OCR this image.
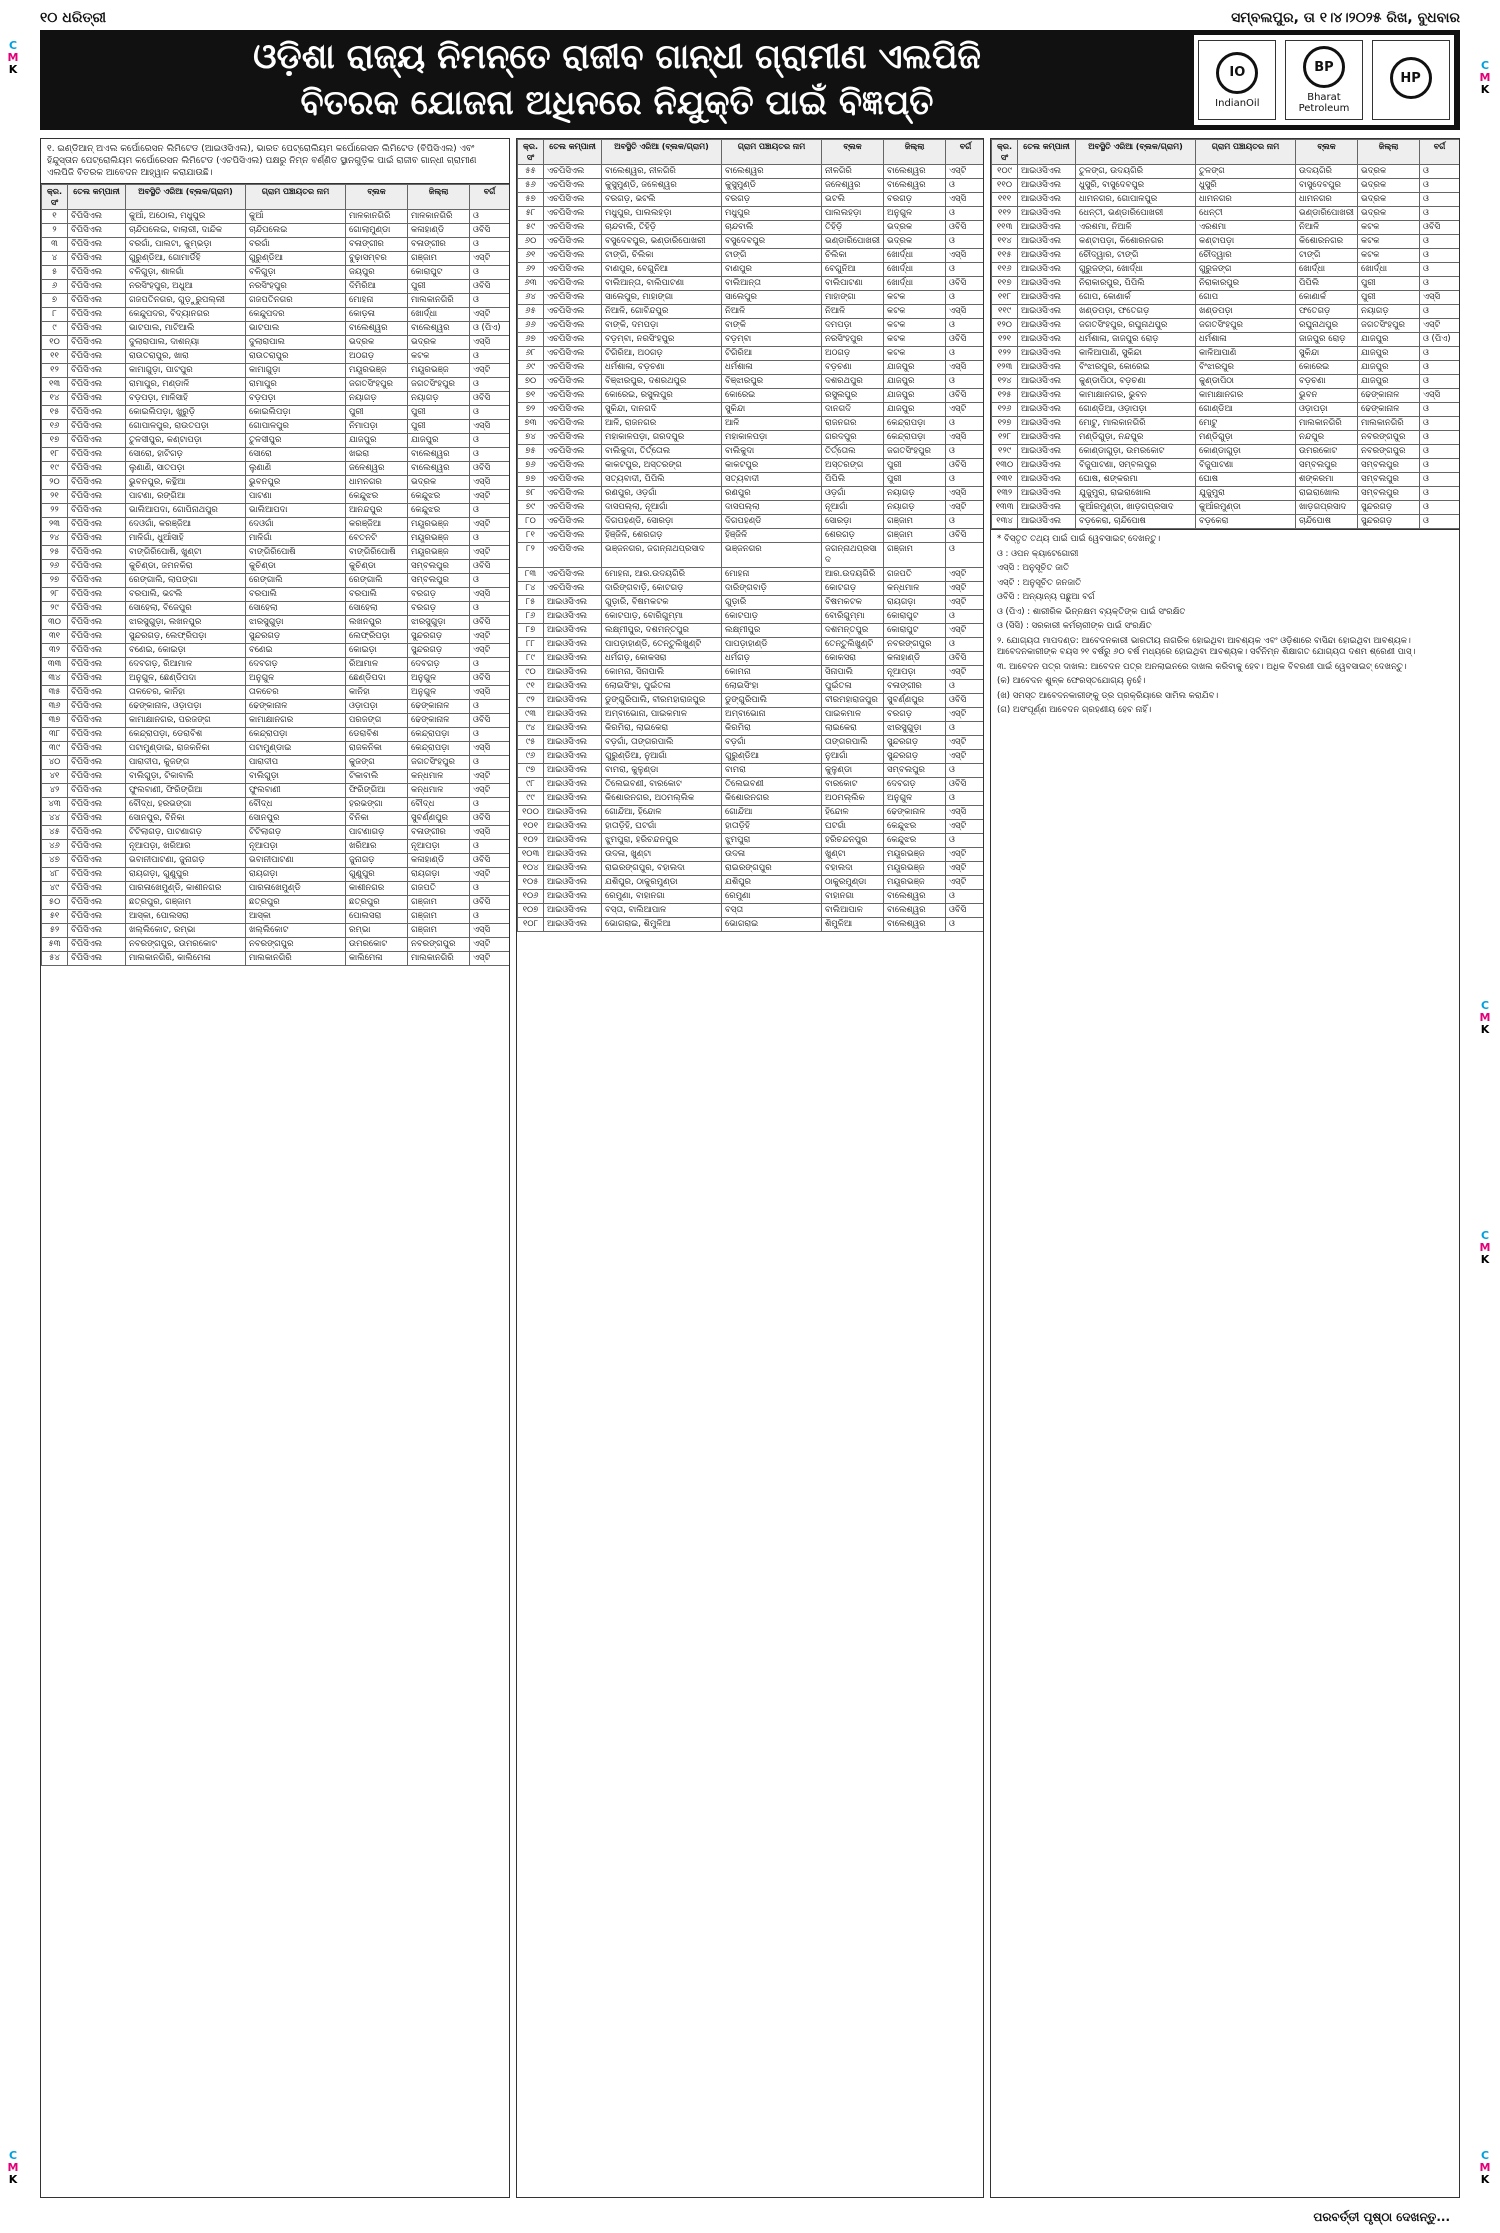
୧୦ ଧରିତ୍ରୀ	ସମ୍ବଲପୁର, ତା ୧।୪।୨୦୨୫ ରିଖ, ବୁଧବାର
ଓଡ଼ିଶା ରାଜ୍ୟ ନିମନ୍ତେ ରାଜୀବ ଗାନ୍ଧୀ ଗ୍ରାମୀଣ ଏଲପିଜି
ବିତରକ ଯୋଜନା ଅଧିନରେ ନିଯୁକ୍ତି ପାଇଁ ବିଜ୍ଞପ୍ତି
IO
IndianOil
BP
Bharat Petroleum
HP
C
M
K	C
M
K
C
M
K
C
M
K
C
M
K
C
M
K
୧. ଇଣ୍ଡିଆନ୍ ଅଏଲ କର୍ପୋରେସନ ଲିମିଟେଡ (ଆଇଓସିଏଲ), ଭାରତ ପେଟ୍ରୋଲିୟମ କର୍ପୋରେସନ ଲିମିଟେଡ (ବିପିସିଏଲ) ଏବଂ ହିନ୍ଦୁସ୍ତାନ ପେଟ୍ରୋଲିୟମ କର୍ପୋରେସନ ଲିମିଟେଡ (ଏଚପିସିଏଲ) ପକ୍ଷରୁ ନିମ୍ନ ବର୍ଣ୍ଣିତ ସ୍ଥାନଗୁଡ଼ିକ ପାଇଁ ରାଜୀବ ଗାନ୍ଧୀ ଗ୍ରାମୀଣ ଏଲପିଜି ବିତରକ ଆବେଦନ ଆହ୍ୱାନ କରାଯାଉଛି।
କ୍ର.ସଂ	ତେଲ କମ୍ପାନୀ	ଅବସ୍ଥିତି ଏରିଆ (ବ୍ଲକ/ଗ୍ରାମ)	ଗ୍ରାମ ପଞ୍ଚାୟତର ନାମ	ବ୍ଲକ	ଜିଲ୍ଲା	ବର୍ଗ
୧	ବିପିସିଏଲ	କୁଆଁ, ଅଠୋଲ, ମଧୁପୁର	କୁଆଁ	ମାଳକାନଗିରି	ମାଳକାନଗିରି	ଓ
୨	ବିପିସିଏଲ	ଚାନ୍ଦିପଲେଇ, ବାଲାରୀ, ଦାନ୍ଦିକ	ଚାନ୍ଦିପଲେଇ	ଗୋଲାମୁଣ୍ଡା	କଳାହାଣ୍ଡି	ଓବିସି
୩	ବିପିସିଏଲ	ବରଗାଁ, ପାଲଟା, କୁମ୍ଭଡ଼ା	ବରଗାଁ	ବଳାଙ୍ଗୀର	ବଳାଙ୍ଗୀର	ଓ
୪	ବିପିସିଏଲ	ଗୁରୁଣ୍ଡିଆ, ଗୋମାର୍ଡିହି	ଗୁରୁଣ୍ଡିଆ	ବୁଢ଼ାସମ୍ବର	ଗଞ୍ଜାମ	ଏସ୍‌ଟି
୫	ବିପିସିଏଲ	ବଳିଗୁଡ଼ା, ଶାଳଗାଁ	ବଳିଗୁଡ଼ା	ଜୟପୁର	କୋରାପୁଟ	ଓ
୬	ବିପିସିଏଲ	ନରସିଂହପୁର, ଅଧୁଆ	ନରସିଂହପୁର	ଦିମିରିଆ	ପୁରୀ	ଓବିସି
୭	ବିପିସିଏଲ	ଗଜପତିନଗର, ଗୁଡ଼ୁରୁପଲ୍ଲୀ	ଗଜପତିନଗର	ମୋହନା	ମାଲକାନଗିରି	ଓ
୮	ବିପିସିଏଲ	କେନ୍ଦୁପଦର, ବିଦ୍ୟାନଗର	କେନ୍ଦୁପଦର	କୋଡ଼ଳା	ଖୋର୍ଦ୍ଧା	ଏସ୍‌ଟି
୯	ବିପିସିଏଲ	ଭାଟପାଲ, ମାଟିଆଲି	ଭାଟପାଲ	ବାଲେଶ୍ୱର	ବାଲେଶ୍ୱର	ଓ (ପିଏ)
୧୦	ବିପିସିଏଲ	ଦୁଲାରାପାଲ, ଦାଶନ୍ୟା	ଦୁଲାରାପାଲ	ଭଦ୍ରକ	ଭଦ୍ରକ	ଏସ୍‌ସି
୧୧	ବିପିସିଏଲ	ରାଉତରାପୁର, ଖାରା	ରାଉତରାପୁର	ଅଠଗଡ଼	କଟକ	ଓ
୧୨	ବିପିସିଏଲ	କାମାଗୁଡ଼ା, ପାଟପୁର	କାମାଗୁଡ଼ା	ମୟୂରଭଞ୍ଜ	ମୟୂରଭଞ୍ଜ	ଏସ୍‌ଟି
୧୩	ବିପିସିଏଲ	ରାମାପୁର, ମଣ୍ଡାଳି	ରାମାପୁର	ଜଗତସିଂହପୁର	ଜଗତସିଂହପୁର	ଓ
୧୪	ବିପିସିଏଲ	ବଡ଼ପଡ଼ା, ମାଳିସାହି	ବଡ଼ପଡ଼ା	ନୟାଗଡ଼	ନୟାଗଡ଼	ଓବିସି
୧୫	ବିପିସିଏଲ	କୋଇଲିପଡ଼ା, ଖୁରୁଡ଼ି	କୋଇଲିପଡ଼ା	ପୁରୀ	ପୁରୀ	ଓ
୧୬	ବିପିସିଏଲ	ଗୋପାଳପୁର, ରାଉତପଡ଼ା	ଗୋପାଳପୁର	ନିମାପଡ଼ା	ପୁରୀ	ଏସ୍‌ସି
୧୭	ବିପିସିଏଲ	ତୁଳସୀପୁର, କଣ୍ଟାପଡ଼ା	ତୁଳସୀପୁର	ଯାଜପୁର	ଯାଜପୁର	ଓ
୧୮	ବିପିସିଏଲ	ସୋରୋ, ହାଟିଗଡ଼	ସୋରୋ	ଖଇରା	ବାଲେଶ୍ୱର	ଓ
୧୯	ବିପିସିଏଲ	ଲୁଣାଣି, ସାତପଡ଼ା	ଲୁଣାଣି	ଜଳେଶ୍ୱର	ବାଲେଶ୍ୱର	ଓବିସି
୨୦	ବିପିସିଏଲ	ଭୁବନପୁର, କନ୍ଥିଆ	ଭୁବନପୁର	ଧାମନଗର	ଭଦ୍ରକ	ଏସ୍‌ସି
୨୧	ବିପିସିଏଲ	ପାଟଣା, ରଙ୍ଗିଆ	ପାଟଣା	କେନ୍ଦୁଝର	କେନ୍ଦୁଝର	ଏସ୍‌ଟି
୨୨	ବିପିସିଏଲ	ଭାଲିଆପଦା, ଗୋପିନାଥପୁର	ଭାଲିଆପଦା	ଆନନ୍ଦପୁର	କେନ୍ଦୁଝର	ଓ
୨୩	ବିପିସିଏଲ	ଦେଓଗାଁ, କରଞ୍ଜିଆ	ଦେଓଗାଁ	କରଞ୍ଜିଆ	ମୟୂରଭଞ୍ଜ	ଏସ୍‌ଟି
୨୪	ବିପିସିଏଲ	ମାଳିଗାଁ, ଧୁଆଁସାହି	ମାଳିଗାଁ	ବେତନଟି	ମୟୂରଭଞ୍ଜ	ଓ
୨୫	ବିପିସିଏଲ	ବାଙ୍ଗିରିପୋଷି, ଖୁଣ୍ଟା	ବାଙ୍ଗିରିପୋଷି	ବାଙ୍ଗିରିପୋଷି	ମୟୂରଭଞ୍ଜ	ଏସ୍‌ଟି
୨୬	ବିପିସିଏଲ	କୁଚିଣ୍ଡା, ଜମନକିରା	କୁଚିଣ୍ଡା	କୁଚିଣ୍ଡା	ସମ୍ବଲପୁର	ଓବିସି
୨୭	ବିପିସିଏଲ	ରେଙ୍ଗାଲି, ଲାପଙ୍ଗା	ରେଙ୍ଗାଲି	ରେଙ୍ଗାଲି	ସମ୍ବଲପୁର	ଓ
୨୮	ବିପିସିଏଲ	ବରପାଲି, ଭଟଲି	ବରପାଲି	ବରପାଲି	ବରଗଡ଼	ଏସ୍‌ସି
୨୯	ବିପିସିଏଲ	ସୋହେଲା, ବିଜେପୁର	ସୋହେଲା	ସୋହେଲା	ବରଗଡ଼	ଓ
୩୦	ବିପିସିଏଲ	ଝାରସୁଗୁଡ଼ା, ଲଖନପୁର	ଝାରସୁଗୁଡ଼ା	ଲଖନପୁର	ଝାରସୁଗୁଡ଼ା	ଓବିସି
୩୧	ବିପିସିଏଲ	ସୁନ୍ଦରଗଡ଼, ଲେଫ୍ରିପଡ଼ା	ସୁନ୍ଦରଗଡ଼	ଲେଫ୍ରିପଡ଼ା	ସୁନ୍ଦରଗଡ଼	ଏସ୍‌ଟି
୩୨	ବିପିସିଏଲ	ବଣେଇ, କୋଇଡ଼ା	ବଣେଇ	କୋଇଡ଼ା	ସୁନ୍ଦରଗଡ଼	ଏସ୍‌ଟି
୩୩	ବିପିସିଏଲ	ଦେବଗଡ଼, ରିଆମାଳ	ଦେବଗଡ଼	ରିଆମାଳ	ଦେବଗଡ଼	ଓ
୩୪	ବିପିସିଏଲ	ଅନୁଗୁଳ, ଛେଣ୍ଡିପଦା	ଅନୁଗୁଳ	ଛେଣ୍ଡିପଦା	ଅନୁଗୁଳ	ଓବିସି
୩୫	ବିପିସିଏଲ	ତାଳଚେର, କାନିହା	ତାଳଚେର	କାନିହା	ଅନୁଗୁଳ	ଏସ୍‌ସି
୩୬	ବିପିସିଏଲ	ଢେଙ୍କାନାଳ, ଓଡ଼ାପଡ଼ା	ଢେଙ୍କାନାଳ	ଓଡ଼ାପଡ଼ା	ଢେଙ୍କାନାଳ	ଓ
୩୭	ବିପିସିଏଲ	କାମାକ୍ଷାନଗର, ପରଜଙ୍ଗ	କାମାକ୍ଷାନଗର	ପରଜଙ୍ଗ	ଢେଙ୍କାନାଳ	ଓବିସି
୩୮	ବିପିସିଏଲ	କେନ୍ଦ୍ରାପଡ଼ା, ଡେରାବିଶ	କେନ୍ଦ୍ରାପଡ଼ା	ଡେରାବିଶ	କେନ୍ଦ୍ରାପଡ଼ା	ଓ
୩୯	ବିପିସିଏଲ	ପଟାମୁଣ୍ଡାଇ, ରାଜକନିକା	ପଟାମୁଣ୍ଡାଇ	ରାଜକନିକା	କେନ୍ଦ୍ରାପଡ଼ା	ଏସ୍‌ସି
୪୦	ବିପିସିଏଲ	ପାରାଦୀପ, କୁଜଙ୍ଗ	ପାରାଦୀପ	କୁଜଙ୍ଗ	ଜଗତସିଂହପୁର	ଓ
୪୧	ବିପିସିଏଲ	ବାଲିଗୁଡ଼ା, ଟିକାବାଲି	ବାଲିଗୁଡ଼ା	ଟିକାବାଲି	କନ୍ଧମାଳ	ଏସ୍‌ଟି
୪୨	ବିପିସିଏଲ	ଫୁଲବାଣୀ, ଫିରିଙ୍ଗିଆ	ଫୁଲବାଣୀ	ଫିରିଙ୍ଗିଆ	କନ୍ଧମାଳ	ଏସ୍‌ଟି
୪୩	ବିପିସିଏଲ	ବୌଦ୍ଧ, ହରଭଙ୍ଗା	ବୌଦ୍ଧ	ହରଭଙ୍ଗା	ବୌଦ୍ଧ	ଓ
୪୪	ବିପିସିଏଲ	ସୋନପୁର, ବିନିକା	ସୋନପୁର	ବିନିକା	ସୁବର୍ଣ୍ଣପୁର	ଓବିସି
୪୫	ବିପିସିଏଲ	ଟିଟିଲାଗଡ଼, ପାଟଣାଗଡ଼	ଟିଟିଲାଗଡ଼	ପାଟଣାଗଡ଼	ବଳାଙ୍ଗୀର	ଏସ୍‌ସି
୪୬	ବିପିସିଏଲ	ନୂଆପଡ଼ା, ଖରିଆର	ନୂଆପଡ଼ା	ଖରିଆର	ନୂଆପଡ଼ା	ଓ
୪୭	ବିପିସିଏଲ	ଭବାନୀପାଟଣା, ଜୁନାଗଡ଼	ଭବାନୀପାଟଣା	ଜୁନାଗଡ଼	କଳାହାଣ୍ଡି	ଓବିସି
୪୮	ବିପିସିଏଲ	ରାୟଗଡ଼ା, ଗୁଣୁପୁର	ରାୟଗଡ଼ା	ଗୁଣୁପୁର	ରାୟଗଡ଼ା	ଏସ୍‌ଟି
୪୯	ବିପିସିଏଲ	ପାରଳାଖେମୁଣ୍ଡି, କାଶୀନଗର	ପାରଳାଖେମୁଣ୍ଡି	କାଶୀନଗର	ଗଜପତି	ଓ
୫୦	ବିପିସିଏଲ	ଛତ୍ରପୁର, ଗଞ୍ଜାମ	ଛତ୍ରପୁର	ଛତ୍ରପୁର	ଗଞ୍ଜାମ	ଓବିସି
୫୧	ବିପିସିଏଲ	ଆସ୍କା, ପୋଲସରା	ଆସ୍କା	ପୋଲସରା	ଗଞ୍ଜାମ	ଓ
୫୨	ବିପିସିଏଲ	ଖଲ୍ଲିକୋଟ, ରମ୍ଭା	ଖଲ୍ଲିକୋଟ	ରମ୍ଭା	ଗଞ୍ଜାମ	ଏସ୍‌ସି
୫୩	ବିପିସିଏଲ	ନବରଙ୍ଗପୁର, ଉମରକୋଟ	ନବରଙ୍ଗପୁର	ଉମରକୋଟ	ନବରଙ୍ଗପୁର	ଏସ୍‌ଟି
୫୪	ବିପିସିଏଲ	ମାଲକାନଗିରି, କାଲିମେଳା	ମାଲକାନଗିରି	କାଲିମେଳା	ମାଲକାନଗିରି	ଏସ୍‌ଟି
କ୍ର.ସଂ	ତେଲ କମ୍ପାନୀ	ଅବସ୍ଥିତି ଏରିଆ (ବ୍ଲକ/ଗ୍ରାମ)	ଗ୍ରାମ ପଞ୍ଚାୟତର ନାମ	ବ୍ଲକ	ଜିଲ୍ଲା	ବର୍ଗ
୫୫	ଏଚପିସିଏଲ	ବାଲେଶ୍ୱର, ନୀଳଗିରି	ବାଲେଶ୍ୱର	ନୀଳଗିରି	ବାଲେଶ୍ୱର	ଏସ୍‌ଟି
୫୬	ଏଚପିସିଏଲ	କୁସୁମୁଣ୍ଡି, ଜଳେଶ୍ୱର	କୁସୁମୁଣ୍ଡି	ଜଳେଶ୍ୱର	ବାଲେଶ୍ୱର	ଓ
୫୭	ଏଚପିସିଏଲ	ବରଗଡ଼, ଭଟଲି	ବରଗଡ଼	ଭଟଲି	ବରଗଡ଼	ଏସ୍‌ସି
୫୮	ଏଚପିସିଏଲ	ମଧୁପୁର, ପାଲଲହଡ଼ା	ମଧୁପୁର	ପାଲଲହଡ଼ା	ଅନୁଗୁଳ	ଓ
୫୯	ଏଚପିସିଏଲ	ଚାନ୍ଦବାଲି, ତିହିଡ଼ି	ଚାନ୍ଦବାଲି	ତିହିଡ଼ି	ଭଦ୍ରକ	ଓବିସି
୬୦	ଏଚପିସିଏଲ	ବସୁଦେବପୁର, ଭଣ୍ଡାରିପୋଖରୀ	ବସୁଦେବପୁର	ଭଣ୍ଡାରିପୋଖରୀ	ଭଦ୍ରକ	ଓ
୬୧	ଏଚପିସିଏଲ	ଟାଙ୍ଗି, ଚିଲିକା	ଟାଙ୍ଗି	ଚିଲିକା	ଖୋର୍ଦ୍ଧା	ଏସ୍‌ସି
୬୨	ଏଚପିସିଏଲ	ବାଣପୁର, ବେଗୁନିଆ	ବାଣପୁର	ବେଗୁନିଆ	ଖୋର୍ଦ୍ଧା	ଓ
୬୩	ଏଚପିସିଏଲ	ବାଲିଆନ୍ତା, ବାଲିପାଟଣା	ବାଲିଆନ୍ତା	ବାଲିପାଟଣା	ଖୋର୍ଦ୍ଧା	ଓବିସି
୬୪	ଏଚପିସିଏଲ	ସାଲେପୁର, ମାହାଙ୍ଗା	ସାଲେପୁର	ମାହାଙ୍ଗା	କଟକ	ଓ
୬୫	ଏଚପିସିଏଲ	ନିଆଳି, ଗୋବିନ୍ଦପୁର	ନିଆଳି	ନିଆଳି	କଟକ	ଏସ୍‌ସି
୬୬	ଏଚପିସିଏଲ	ବାଙ୍କି, ଦମପଡ଼ା	ବାଙ୍କି	ଦମପଡ଼ା	କଟକ	ଓ
୬୭	ଏଚପିସିଏଲ	ବଡ଼ମ୍ବା, ନରସିଂହପୁର	ବଡ଼ମ୍ବା	ନରସିଂହପୁର	କଟକ	ଓବିସି
୬୮	ଏଚପିସିଏଲ	ଟିଗିରିଆ, ଅଠଗଡ଼	ଟିଗିରିଆ	ଅଠଗଡ଼	କଟକ	ଓ
୬୯	ଏଚପିସିଏଲ	ଧର୍ମଶାଳା, ବଡ଼ଚଣା	ଧର୍ମଶାଳା	ବଡ଼ଚଣା	ଯାଜପୁର	ଏସ୍‌ସି
୭୦	ଏଚପିସିଏଲ	ବିଞ୍ଝାରପୁର, ଦଶରଥପୁର	ବିଞ୍ଝାରପୁର	ଦଶରଥପୁର	ଯାଜପୁର	ଓ
୭୧	ଏଚପିସିଏଲ	କୋରେଇ, ରସୁଲପୁର	କୋରେଇ	ରସୁଲପୁର	ଯାଜପୁର	ଓବିସି
୭୨	ଏଚପିସିଏଲ	ସୁକିନ୍ଦା, ଦାନଗଦି	ସୁକିନ୍ଦା	ଦାନଗଦି	ଯାଜପୁର	ଏସ୍‌ଟି
୭୩	ଏଚପିସିଏଲ	ଆଳି, ରାଜନଗର	ଆଳି	ରାଜନଗର	କେନ୍ଦ୍ରାପଡ଼ା	ଓ
୭୪	ଏଚପିସିଏଲ	ମହାକାଳପଡ଼ା, ଗରଦପୁର	ମହାକାଳପଡ଼ା	ଗରଦପୁର	କେନ୍ଦ୍ରାପଡ଼ା	ଏସ୍‌ସି
୭୫	ଏଚପିସିଏଲ	ବାଲିକୁଦା, ତିର୍ତ୍ତୋଲ	ବାଲିକୁଦା	ତିର୍ତ୍ତୋଲ	ଜଗତସିଂହପୁର	ଓ
୭୬	ଏଚପିସିଏଲ	କାକଟପୁର, ଅସ୍ତରଙ୍ଗ	କାକଟପୁର	ଅସ୍ତରଙ୍ଗ	ପୁରୀ	ଓବିସି
୭୭	ଏଚପିସିଏଲ	ସତ୍ୟବାଦୀ, ପିପିଲି	ସତ୍ୟବାଦୀ	ପିପିଲି	ପୁରୀ	ଓ
୭୮	ଏଚପିସିଏଲ	ରଣପୁର, ଓଡ଼ଗାଁ	ରଣପୁର	ଓଡ଼ଗାଁ	ନୟାଗଡ଼	ଏସ୍‌ସି
୭୯	ଏଚପିସିଏଲ	ଦାସପଲ୍ଲା, ନୂଆଗାଁ	ଦାସପଲ୍ଲା	ନୂଆଗାଁ	ନୟାଗଡ଼	ଏସ୍‌ଟି
୮୦	ଏଚପିସିଏଲ	ଦିଗପହଣ୍ଡି, ସୋରଡ଼ା	ଦିଗପହଣ୍ଡି	ସୋରଡ଼ା	ଗଞ୍ଜାମ	ଓ
୮୧	ଏଚପିସିଏଲ	ହିଞ୍ଜିଳି, ଶେରଗଡ଼	ହିଞ୍ଜିଳି	ଶେରଗଡ଼	ଗଞ୍ଜାମ	ଓବିସି
୮୨	ଏଚପିସିଏଲ	ଭଞ୍ଜନଗର, ଜଗନ୍ନାଥପ୍ରସାଦ	ଭଞ୍ଜନଗର	ଜଗନ୍ନାଥପ୍ରସାଦ	ଗଞ୍ଜାମ	ଓ
୮୩	ଏଚପିସିଏଲ	ମୋହନା, ଆର.ଉଦୟଗିରି	ମୋହନା	ଆର.ଉଦୟଗିରି	ଗଜପତି	ଏସ୍‌ଟି
୮୪	ଏଚପିସିଏଲ	ଦାରିଙ୍ଗବାଡ଼ି, କୋଟଗଡ଼	ଦାରିଙ୍ଗବାଡ଼ି	କୋଟଗଡ଼	କନ୍ଧମାଳ	ଏସ୍‌ଟି
୮୫	ଆଇଓସିଏଲ	ଗୁଡ଼ାରି, ବିଷମକଟକ	ଗୁଡ଼ାରି	ବିଷମକଟକ	ରାୟଗଡ଼ା	ଏସ୍‌ଟି
୮୬	ଆଇଓସିଏଲ	କୋଟପାଡ଼, ବୋରିଗୁମ୍ମା	କୋଟପାଡ଼	ବୋରିଗୁମ୍ମା	କୋରାପୁଟ	ଓ
୮୭	ଆଇଓସିଏଲ	ଲକ୍ଷ୍ମୀପୁର, ଦଶମନ୍ତପୁର	ଲକ୍ଷ୍ମୀପୁର	ଦଶମନ୍ତପୁର	କୋରାପୁଟ	ଏସ୍‌ଟି
୮୮	ଆଇଓସିଏଲ	ପାପଡ଼ାହାଣ୍ଡି, ତେନ୍ତୁଲିଖୁଣ୍ଟି	ପାପଡ଼ାହାଣ୍ଡି	ତେନ୍ତୁଲିଖୁଣ୍ଟି	ନବରଙ୍ଗପୁର	ଓ
୮୯	ଆଇଓସିଏଲ	ଧର୍ମଗଡ଼, କୋକସରା	ଧର୍ମଗଡ଼	କୋକସରା	କଳାହାଣ୍ଡି	ଓବିସି
୯୦	ଆଇଓସିଏଲ	କୋମନା, ସିନାପାଲି	କୋମନା	ସିନାପାଲି	ନୂଆପଡ଼ା	ଏସ୍‌ଟି
୯୧	ଆଇଓସିଏଲ	ଲୋଇସିଂହା, ପୁଇଁତଳା	ଲୋଇସିଂହା	ପୁଇଁତଳା	ବଳାଙ୍ଗୀର	ଓ
୯୨	ଆଇଓସିଏଲ	ଡୁଙ୍ଗୁରିପାଲି, ବୀରମହାରାଜପୁର	ଡୁଙ୍ଗୁରିପାଲି	ବୀରମହାରାଜପୁର	ସୁବର୍ଣ୍ଣପୁର	ଓବିସି
୯୩	ଆଇଓସିଏଲ	ଅମ୍ବାଭୋନା, ପାଇକମାଳ	ଅମ୍ବାଭୋନା	ପାଇକମାଳ	ବରଗଡ଼	ଏସ୍‌ଟି
୯୪	ଆଇଓସିଏଲ	କିରମିରା, ଲାଇକେରା	କିରମିରା	ଲାଇକେରା	ଝାରସୁଗୁଡ଼ା	ଓ
୯୫	ଆଇଓସିଏଲ	ବଡ଼ଗାଁ, ତାଙ୍ଗରପାଲି	ବଡ଼ଗାଁ	ତାଙ୍ଗରପାଲି	ସୁନ୍ଦରଗଡ଼	ଏସ୍‌ଟି
୯୬	ଆଇଓସିଏଲ	ଗୁରୁଣ୍ଡିଆ, ନୁଆଗାଁ	ଗୁରୁଣ୍ଡିଆ	ନୁଆଗାଁ	ସୁନ୍ଦରଗଡ଼	ଏସ୍‌ଟି
୯୭	ଆଇଓସିଏଲ	ବାମରା, କୁଳୁଣ୍ଡା	ବାମରା	କୁଳୁଣ୍ଡା	ସମ୍ବଲପୁର	ଓ
୯୮	ଆଇଓସିଏଲ	ତିଲେଇବଣୀ, ବାରକୋଟ	ତିଲେଇବଣୀ	ବାରକୋଟ	ଦେବଗଡ଼	ଓବିସି
୯୯	ଆଇଓସିଏଲ	କିଶୋରନଗର, ଅଠମଲ୍ଲିକ	କିଶୋରନଗର	ଅଠମଲ୍ଲିକ	ଅନୁଗୁଳ	ଓ
୧୦୦	ଆଇଓସିଏଲ	ଗୋନ୍ଦିଆ, ହିନ୍ଦୋଳ	ଗୋନ୍ଦିଆ	ହିନ୍ଦୋଳ	ଢେଙ୍କାନାଳ	ଏସ୍‌ସି
୧୦୧	ଆଇଓସିଏଲ	ହାତାଡ଼ିହି, ଘଟଗାଁ	ହାତାଡ଼ିହି	ଘଟଗାଁ	କେନ୍ଦୁଝର	ଏସ୍‌ଟି
୧୦୨	ଆଇଓସିଏଲ	ଝୁମପୁରା, ହରିଚନ୍ଦନପୁର	ଝୁମପୁରା	ହରିଚନ୍ଦନପୁର	କେନ୍ଦୁଝର	ଓ
୧୦୩	ଆଇଓସିଏଲ	ଉଦଳା, ଖୁଣ୍ଟା	ଉଦଳା	ଖୁଣ୍ଟା	ମୟୂରଭଞ୍ଜ	ଏସ୍‌ଟି
୧୦୪	ଆଇଓସିଏଲ	ରାଇରଙ୍ଗପୁର, ବହାଲଦା	ରାଇରଙ୍ଗପୁର	ବହାଲଦା	ମୟୂରଭଞ୍ଜ	ଏସ୍‌ଟି
୧୦୫	ଆଇଓସିଏଲ	ଯଶିପୁର, ଠାକୁରମୁଣ୍ଡା	ଯଶିପୁର	ଠାକୁରମୁଣ୍ଡା	ମୟୂରଭଞ୍ଜ	ଏସ୍‌ଟି
୧୦୬	ଆଇଓସିଏଲ	ରେମୁଣା, ବାହାନଗା	ରେମୁଣା	ବାହାନଗା	ବାଲେଶ୍ୱର	ଓ
୧୦୭	ଆଇଓସିଏଲ	ବସ୍ତା, ବାଲିଆପାଳ	ବସ୍ତା	ବାଲିଆପାଳ	ବାଲେଶ୍ୱର	ଓବିସି
୧୦୮	ଆଇଓସିଏଲ	ଭୋଗରାଇ, ଶିମୁଳିଆ	ଭୋଗରାଇ	ଶିମୁଳିଆ	ବାଲେଶ୍ୱର	ଓ
କ୍ର.ସଂ	ତେଲ କମ୍ପାନୀ	ଅବସ୍ଥିତି ଏରିଆ (ବ୍ଲକ/ଗ୍ରାମ)	ଗ୍ରାମ ପଞ୍ଚାୟତର ନାମ	ବ୍ଲକ	ଜିଲ୍ଲା	ବର୍ଗ
୧୦୯	ଆଇଓସିଏଲ	ତୁଳଙ୍ଗ, ଉଦୟଗିରି	ତୁଳଙ୍ଗ	ଉଦୟଗିରି	ଭଦ୍ରକ	ଓ
୧୧୦	ଆଇଓସିଏଲ	ଧୁସୁରି, ବାସୁଦେବପୁର	ଧୁସୁରି	ବାସୁଦେବପୁର	ଭଦ୍ରକ	ଓ
୧୧୧	ଆଇଓସିଏଲ	ଧାମନଗର, ଗୋପାଳପୁର	ଧାମନଗର	ଧାମନଗର	ଭଦ୍ରକ	ଓ
୧୧୨	ଆଇଓସିଏଲ	ଧେନ୍ତୀ, ଭଣ୍ଡାରିପୋଖରୀ	ଧେନ୍ତୀ	ଭଣ୍ଡାରିପୋଖରୀ	ଭଦ୍ରକ	ଓ
୧୧୩	ଆଇଓସିଏଲ	ଏରଶମା, ନିଆଳି	ଏରଶମା	ନିଆଳି	କଟକ	ଓବିସି
୧୧୪	ଆଇଓସିଏଲ	କଣ୍ଟାପଡ଼ା, କିଶୋରନଗର	କଣ୍ଟାପଡ଼ା	କିଶୋରନଗର	କଟକ	ଓ
୧୧୫	ଆଇଓସିଏଲ	ଚୌଦ୍ୱାର, ଟାଙ୍ଗି	ଚୌଦ୍ୱାର	ଟାଙ୍ଗି	କଟକ	ଓ
୧୧୬	ଆଇଓସିଏଲ	ଗୁରୁଜଙ୍ଗ, ଖୋର୍ଦ୍ଧା	ଗୁରୁଜଙ୍ଗ	ଖୋର୍ଦ୍ଧା	ଖୋର୍ଦ୍ଧା	ଓ
୧୧୭	ଆଇଓସିଏଲ	ନିରାକାରପୁର, ପିପିଲି	ନିରାକାରପୁର	ପିପିଲି	ପୁରୀ	ଓ
୧୧୮	ଆଇଓସିଏଲ	ଗୋପ, କୋଣାର୍କ	ଗୋପ	କୋଣାର୍କ	ପୁରୀ	ଏସ୍‌ସି
୧୧୯	ଆଇଓସିଏଲ	ଖଣ୍ଡପଡ଼ା, ଫତେଗଡ଼	ଖଣ୍ଡପଡ଼ା	ଫତେଗଡ଼	ନୟାଗଡ଼	ଓ
୧୨୦	ଆଇଓସିଏଲ	ଜଗତସିଂହପୁର, ରଘୁନାଥପୁର	ଜଗତସିଂହପୁର	ରଘୁନାଥପୁର	ଜଗତସିଂହପୁର	ଏସ୍‌ଟି
୧୨୧	ଆଇଓସିଏଲ	ଧର୍ମଶାଳା, ଜାଜପୁର ରୋଡ଼	ଧର୍ମଶାଳା	ଜାଜପୁର ରୋଡ଼	ଯାଜପୁର	ଓ (ପିଏ)
୧୨୨	ଆଇଓସିଏଲ	କାଳିଆପାଣି, ସୁକିନ୍ଦା	କାଳିଆପାଣି	ସୁକିନ୍ଦା	ଯାଜପୁର	ଓ
୧୨୩	ଆଇଓସିଏଲ	ବିଂଝାରପୁର, କୋରେଇ	ବିଂଝାରପୁର	କୋରେଇ	ଯାଜପୁର	ଓ
୧୨୪	ଆଇଓସିଏଲ	କୁଣ୍ଡାପିଠା, ବଡ଼ଚଣା	କୁଣ୍ଡାପିଠା	ବଡ଼ଚଣା	ଯାଜପୁର	ଓ
୧୨୫	ଆଇଓସିଏଲ	କାମାକ୍ଷାନଗର, ଭୁବନ	କାମାକ୍ଷାନଗର	ଭୁବନ	ଢେଙ୍କାନାଳ	ଏସ୍‌ସି
୧୨୬	ଆଇଓସିଏଲ	ଗୋଣ୍ଡିଆ, ଓଡ଼ାପଡ଼ା	ଗୋଣ୍ଡିଆ	ଓଡ଼ାପଡ଼ା	ଢେଙ୍କାନାଳ	ଓ
୧୨୭	ଆଇଓସିଏଲ	ମୋଟୁ, ମାଲକାନଗିରି	ମୋଟୁ	ମାଲକାନଗିରି	ମାଲକାନଗିରି	ଓ
୧୨୮	ଆଇଓସିଏଲ	ମଣ୍ଡିଗୁଡ଼ା, ନନ୍ଦପୁର	ମଣ୍ଡିଗୁଡ଼ା	ନନ୍ଦପୁର	ନବରଙ୍ଗପୁର	ଓ
୧୨୯	ଆଇଓସିଏଲ	କୋଣ୍ଡାଗୁଡ଼ା, ଉମରକୋଟ	କୋଣ୍ଡାଗୁଡ଼ା	ଉମରକୋଟ	ନବରଙ୍ଗପୁର	ଓ
୧୩୦	ଆଇଓସିଏଲ	ବିଜୁପାଟଣା, ସମ୍ବଲପୁର	ବିଜୁପାଟଣା	ସମ୍ବଲପୁର	ସମ୍ବଲପୁର	ଓ
୧୩୧	ଆଇଓସିଏଲ	ଘୋଷ, ଶଙ୍କରମା	ଘୋଷ	ଶଙ୍କରମା	ସମ୍ବଲପୁର	ଓ
୧୩୨	ଆଇଓସିଏଲ	ଯୁଜୁମୁରା, ରାଇରାଖୋଲ	ଯୁଜୁମୁରା	ରାଇରାଖୋଲ	ସମ୍ବଲପୁର	ଓ
୧୩୩	ଆଇଓସିଏଲ	କୁଆଁରମୁଣ୍ଡା, ଖାଡ଼ଗପ୍ରସାଦ	କୁଆଁରମୁଣ୍ଡା	ଖାଡ଼ଗପ୍ରସାଦ	ସୁନ୍ଦରଗଡ଼	ଓ
୧୩୪	ଆଇଓସିଏଲ	ବଡ଼କେରା, ଚାନ୍ଦିପୋଷ	ବଡ଼କେରା	ଚାନ୍ଦିପୋଷ	ସୁନ୍ଦରଗଡ଼	ଓ

* ବିସ୍ତୃତ ତଥ୍ୟ ପାଇଁ ପାଇଁ ୱେବସାଇଟ୍ ଦେଖନ୍ତୁ।

ଓ : ଓପନ କ୍ୟାଟେଗୋରୀ

ଏସ୍‌ସି : ଅନୁସୂଚିତ ଜାତି

ଏସ୍‌ଟି : ଅନୁସୂଚିତ ଜନଜାତି

ଓବିସି : ଅନ୍ୟାନ୍ୟ ପଛୁଆ ବର୍ଗ

ଓ (ପିଏ) : ଶାରୀରିକ ଭିନ୍ନକ୍ଷମ ବ୍ୟକ୍ତିଙ୍କ ପାଇଁ ସଂରକ୍ଷିତ

ଓ (ସିସି) : ସରକାରୀ କର୍ମଚାରୀଙ୍କ ପାଇଁ ସଂରକ୍ଷିତ

୨. ଯୋଗ୍ୟତା ମାପଦଣ୍ଡ: ଆବେଦନକାରୀ ଭାରତୀୟ ନାଗରିକ ହୋଇଥିବା ଆବଶ୍ୟକ ଏବଂ ଓଡ଼ିଶାରେ ବାସିନ୍ଦା ହୋଇଥିବା ଆବଶ୍ୟକ। ଆବେଦନକାରୀଙ୍କ ବୟସ ୨୧ ବର୍ଷରୁ ୬୦ ବର୍ଷ ମଧ୍ୟରେ ହୋଇଥିବା ଆବଶ୍ୟକ। ସର୍ବନିମ୍ନ ଶିକ୍ଷାଗତ ଯୋଗ୍ୟତା ଦଶମ ଶ୍ରେଣୀ ପାସ୍।

୩. ଆବେଦନ ପତ୍ର ଦାଖଲ: ଆବେଦନ ପତ୍ର ଅନଲାଇନରେ ଦାଖଲ କରିବାକୁ ହେବ। ଅଧିକ ବିବରଣୀ ପାଇଁ ୱେବସାଇଟ୍ ଦେଖନ୍ତୁ।

(କ) ଆବେଦନ ଶୁଳ୍କ ଫେରସ୍ତଯୋଗ୍ୟ ନୁହେଁ।

(ଖ) ସମସ୍ତ ଆବେଦନକାରୀଙ୍କୁ ଡ୍ର ପ୍ରକ୍ରିୟାରେ ସାମିଲ କରାଯିବ।

(ଗ) ଅସଂପୂର୍ଣ୍ଣ ଆବେଦନ ଗ୍ରହଣୀୟ ହେବ ନାହିଁ।

ପରବର୍ତ୍ତୀ ପୃଷ୍ଠା ଦେଖନ୍ତୁ...
